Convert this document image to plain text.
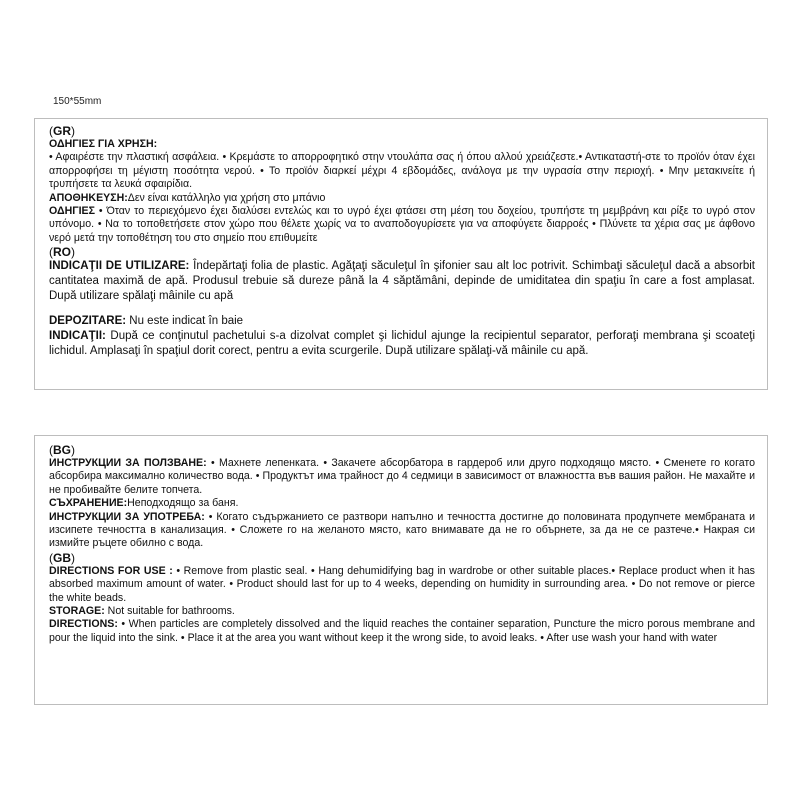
150*55mm
(GR)
ΟΔΗΓΙΕΣ ΓΙΑ ΧΡΗΣΗ:
• Αφαιρέστε την πλαστική ασφάλεια. • Κρεμάστε το απορροφητικό στην ντουλάπα σας ή όπου αλλού χρειάζεστε.• Αντικαταστή-στε το προϊόν όταν έχει απορροφήσει τη μέγιστη ποσότητα νερού. • Το προϊόν διαρκεί μέχρι 4 εβδομάδες, ανάλογα με την υγρασία στην περιοχή. • Μην μετακινείτε ή τρυπήσετε τα λευκά σφαιρίδια.
ΑΠΟΘΗΚΕΥΣΗ:Δεν είναι κατάλληλο για χρήση στο μπάνιο
ΟΔΗΓΙΕΣ • Όταν το περιεχόμενο έχει διαλύσει εντελώς και το υγρό έχει φτάσει στη μέση του δοχείου, τρυπήστε τη μεμβράνη και ρίξε το υγρό στον υπόνομο. • Να το τοποθετήσετε στον χώρο που θέλετε χωρίς να το αναποδογυρίσετε για να αποφύγετε διαρροές • Πλύνετε τα χέρια σας με άφθονο νερό μετά την τοποθέτηση του στο σημείο που επιθυμείτε
(RO)
INDICAŢII DE UTILIZARE: Îndepărtaţi folia de plastic. Agăţaţi săculeţul în şifonier sau alt loc potrivit. Schimbaţi săculeţul dacă a absorbit cantitatea maximă de apă. Produsul trebuie să dureze până la 4 săptămâni, depinde de umiditatea din spaţiu în care a fost amplasat. După utilizare spălaţi mâinile cu apă
DEPOZITARE: Nu este indicat în baie
INDICAŢII: După ce conţinutul pachetului s-a dizolvat complet şi lichidul ajunge la recipientul separator, perforaţi membrana şi scoateţi lichidul. Amplasaţi în spaţiul dorit corect, pentru a evita scurgerile. După utilizare spălaţi-vă mâinile cu apă.
(BG)
ИНСТРУКЦИИ ЗА ПОЛЗВАНЕ: • Махнете лепенката. • Закачете абсорбатора в гардероб или друго подходящо място. • Сменете го когато абсорбира максимално количество вода. • Продуктът има трайност до 4 седмици в зависимост от влажността във вашия район. Не махайте и не пробивайте белите топчета.
СЪХРАНЕНИЕ:Неподходящо за баня.
ИНСТРУКЦИИ ЗА УПОТРЕБА: • Когато съдържанието се разтвори напълно и течността достигне до половината продупчете мембраната и изсипете течността в канализация. • Сложете го на желаното място, като внимавате да не го обърнете, за да не се разтече.• Накрая си измийте ръцете обилно с вода.
(GB)
DIRECTIONS FOR USE : • Remove from plastic seal. • Hang dehumidifying bag in wardrobe or other suitable places.• Replace product when it has absorbed maximum amount of water. • Product should last for up to 4 weeks, depending on humidity in surrounding area. • Do not remove or pierce the white beads.
STORAGE: Not suitable for bathrooms.
DIRECTIONS: • When particles are completely dissolved and the liquid reaches the container separation, Puncture the micro porous membrane and pour the liquid into the sink. • Place it at the area you want without keep it the wrong side, to avoid leaks. • After use wash your hand with water
